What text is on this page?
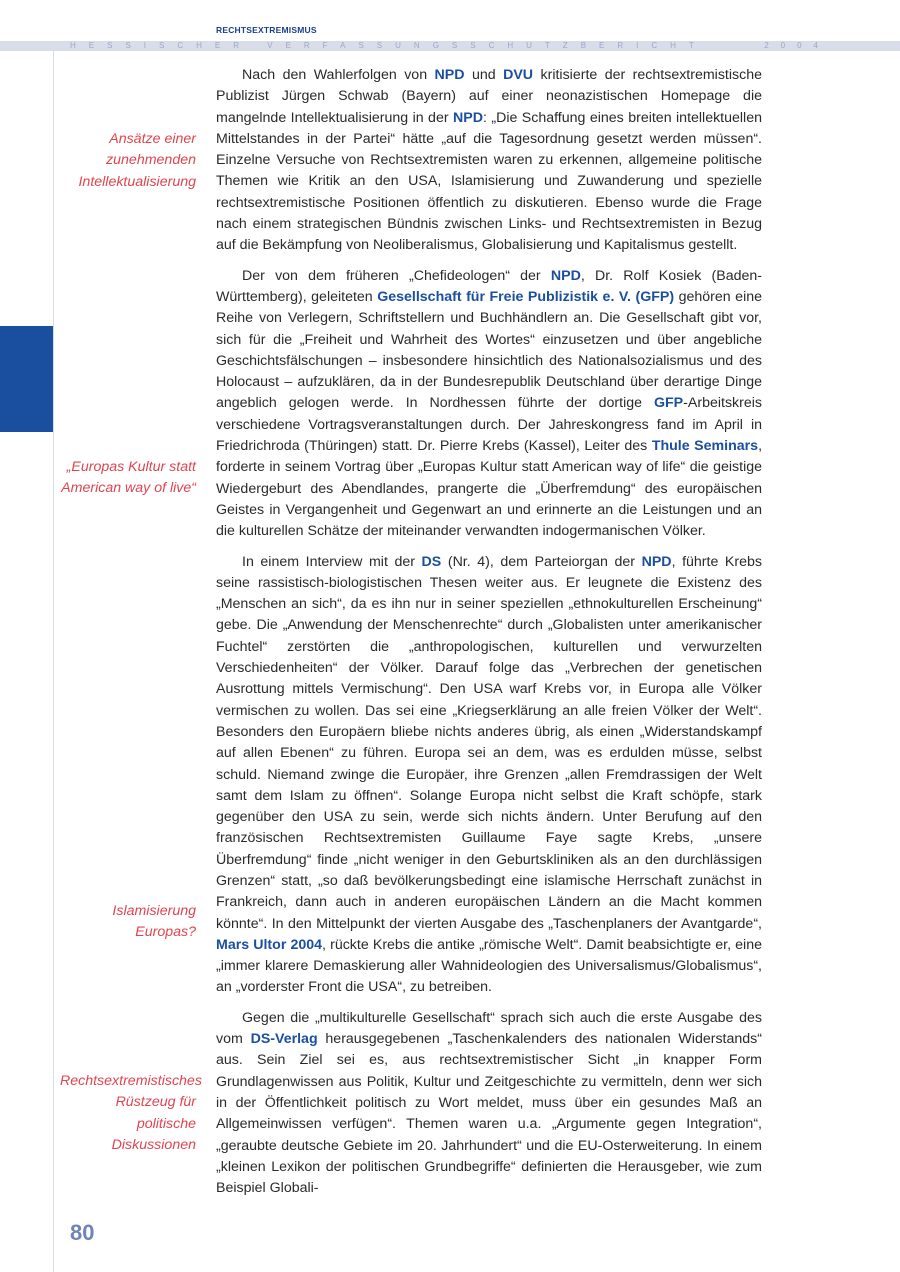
RECHTSEXTREMISMUS
HESSISCHER VERFASSUNGSSCHUTZBERICHT	2004
Ansätze einer zunehmenden Intellektualisierung
„Europas Kultur statt American way of live“
Islamisierung Europas?
Rechtsextremistisches Rüstzeug für politische Diskussionen

Nach den Wahlerfolgen von NPD und DVU kritisierte der rechtsextremistische Publizist Jürgen Schwab (Bayern) auf einer neonazistischen Homepage die mangelnde Intellektualisierung in der NPD: „Die Schaffung eines breiten intellektuellen Mittelstandes in der Partei“ hätte „auf die Tagesordnung gesetzt werden müssen“. Einzelne Versuche von Rechtsextremisten waren zu erkennen, allgemeine politische Themen wie Kritik an den USA, Islamisierung und Zuwanderung und spezielle rechtsextremistische Positionen öffentlich zu diskutieren. Ebenso wurde die Frage nach einem strategischen Bündnis zwischen Links- und Rechtsextremisten in Bezug auf die Bekämpfung von Neoliberalismus, Globalisierung und Kapitalismus gestellt.

Der von dem früheren „Chefideologen“ der NPD, Dr. Rolf Kosiek (Baden-Württemberg), geleiteten Gesellschaft für Freie Publizistik e. V. (GFP) gehören eine Reihe von Verlegern, Schriftstellern und Buchhändlern an. Die Gesellschaft gibt vor, sich für die „Freiheit und Wahrheit des Wortes“ einzusetzen und über angebliche Geschichtsfälschungen – insbesondere hinsichtlich des Nationalsozialismus und des Holocaust – aufzuklären, da in der Bundesrepublik Deutschland über derartige Dinge angeblich gelogen werde. In Nordhessen führte der dortige GFP-Arbeitskreis verschiedene Vortragsveranstaltungen durch. Der Jahreskongress fand im April in Friedrichroda (Thüringen) statt. Dr. Pierre Krebs (Kassel), Leiter des Thule Seminars, forderte in seinem Vortrag über „Europas Kultur statt American way of life“ die geistige Wiedergeburt des Abendlandes, prangerte die „Überfremdung“ des europäischen Geistes in Vergangenheit und Gegenwart an und erinnerte an die Leistungen und an die kulturellen Schätze der miteinander verwandten indogermanischen Völker.

In einem Interview mit der DS (Nr. 4), dem Parteiorgan der NPD, führte Krebs seine rassistisch-biologistischen Thesen weiter aus. Er leugnete die Existenz des „Menschen an sich“, da es ihn nur in seiner speziellen „ethnokulturellen Erscheinung“ gebe. Die „Anwendung der Menschenrechte“ durch „Globalisten unter amerikanischer Fuchtel“ zerstörten die „anthropologischen, kulturellen und verwurzelten Verschiedenheiten“ der Völker. Darauf folge das „Verbrechen der genetischen Ausrottung mittels Vermischung“. Den USA warf Krebs vor, in Europa alle Völker vermischen zu wollen. Das sei eine „Kriegserklärung an alle freien Völker der Welt“. Besonders den Europäern bliebe nichts anderes übrig, als einen „Widerstandskampf auf allen Ebenen“ zu führen. Europa sei an dem, was es erdulden müsse, selbst schuld. Niemand zwinge die Europäer, ihre Grenzen „allen Fremdrassigen der Welt samt dem Islam zu öffnen“. Solange Europa nicht selbst die Kraft schöpfe, stark gegenüber den USA zu sein, werde sich nichts ändern. Unter Berufung auf den französischen Rechtsextremisten Guillaume Faye sagte Krebs, „unsere Überfremdung“ finde „nicht weniger in den Geburtskliniken als an den durchlässigen Grenzen“ statt, „so daß bevölkerungsbedingt eine islamische Herrschaft zunächst in Frankreich, dann auch in anderen europäischen Ländern an die Macht kommen könnte“. In den Mittelpunkt der vierten Ausgabe des „Taschenplaners der Avantgarde“, Mars Ultor 2004, rückte Krebs die antike „römische Welt“. Damit beabsichtigte er, eine „immer klarere Demaskierung aller Wahnideologien des Universalismus/Globalismus“, an „vorderster Front die USA“, zu betreiben.

Gegen die „multikulturelle Gesellschaft“ sprach sich auch die erste Ausgabe des vom DS-Verlag herausgegebenen „Taschenkalenders des nationalen Widerstands“ aus. Sein Ziel sei es, aus rechtsextremistischer Sicht „in knapper Form Grundlagenwissen aus Politik, Kultur und Zeitgeschichte zu vermitteln, denn wer sich in der Öffentlichkeit politisch zu Wort meldet, muss über ein gesundes Maß an Allgemeinwissen verfügen“. Themen waren u.a. „Argumente gegen Integration“, „geraubte deutsche Gebiete im 20. Jahrhundert“ und die EU-Osterweiterung. In einem „kleinen Lexikon der politischen Grundbegriffe“ definierten die Herausgeber, wie zum Beispiel Globali-

80
